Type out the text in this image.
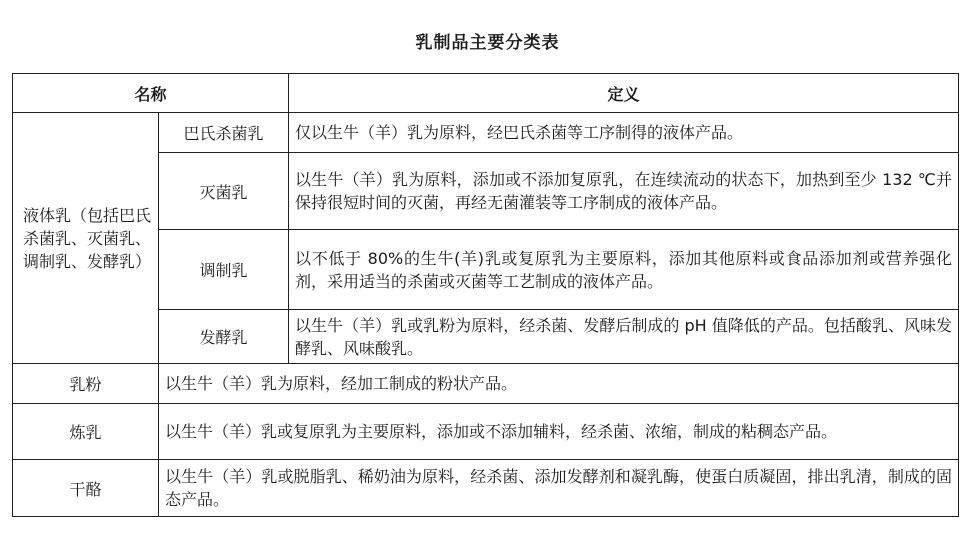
乳制品主要分类表
名称		定义
液体乳（包括巴氏杀菌乳、灭菌乳、调制乳、发酵乳）	巴氏杀菌乳	仅以生牛（羊）乳为原料，经巴氏杀菌等工序制得的液体产品。
	灭菌乳	以生牛（羊）乳为原料，添加或不添加复原乳，在连续流动的状态下，加热到至少 132 ℃并保持很短时间的灭菌，再经无菌灌装等工序制成的液体产品。
	调制乳	以不低于 80%的生牛(羊)乳或复原乳为主要原料，添加其他原料或食品添加剂或营养强化剂，采用适当的杀菌或灭菌等工艺制成的液体产品。
	发酵乳	以生牛（羊）乳或乳粉为原料，经杀菌、发酵后制成的 pH 值降低的产品。包括酸乳、风味发酵乳、风味酸乳。
乳粉	以生牛（羊）乳为原料，经加工制成的粉状产品。	
炼乳	以生牛（羊）乳或复原乳为主要原料，添加或不添加辅料，经杀菌、浓缩，制成的粘稠态产品。	
干酪	以生牛（羊）乳或脱脂乳、稀奶油为原料，经杀菌、添加发酵剂和凝乳酶，使蛋白质凝固，排出乳清，制成的固态产品。	
